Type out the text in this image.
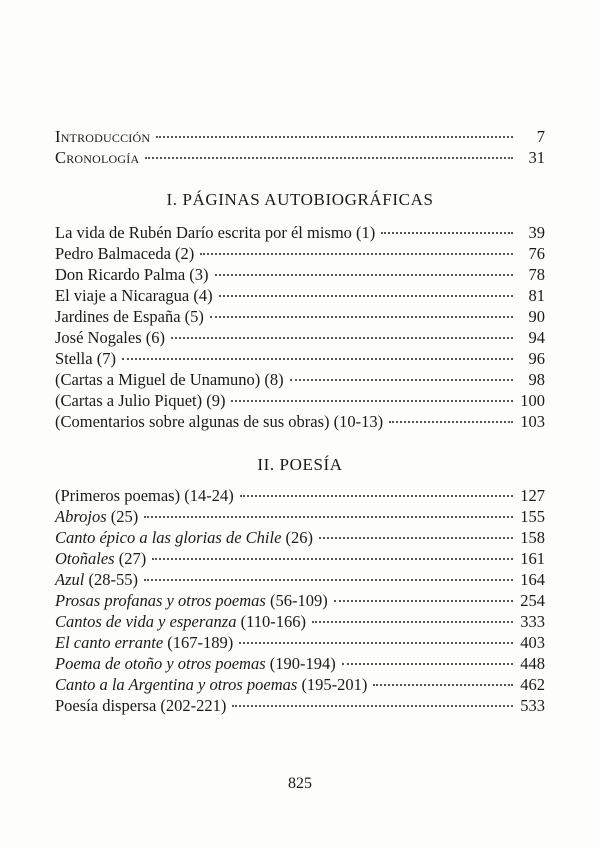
Introducción	7
Cronología	31
I. PÁGINAS AUTOBIOGRÁFICAS
La vida de Rubén Darío escrita por él mismo (1)	39
Pedro Balmaceda (2)	76
Don Ricardo Palma (3)	78
El viaje a Nicaragua (4)	81
Jardines de España (5)	90
José Nogales (6)	94
Stella (7)	96
(Cartas a Miguel de Unamuno) (8)	98
(Cartas a Julio Piquet) (9)	100
(Comentarios sobre algunas de sus obras) (10-13)	103
II. POESÍA
(Primeros poemas) (14-24)	127
Abrojos (25)	155
Canto épico a las glorias de Chile (26)	158
Otoñales (27)	161
Azul (28-55)	164
Prosas profanas y otros poemas (56-109)	254
Cantos de vida y esperanza (110-166)	333
El canto errante (167-189)	403
Poema de otoño y otros poemas (190-194)	448
Canto a la Argentina y otros poemas (195-201)	462
Poesía dispersa (202-221)	533
825
